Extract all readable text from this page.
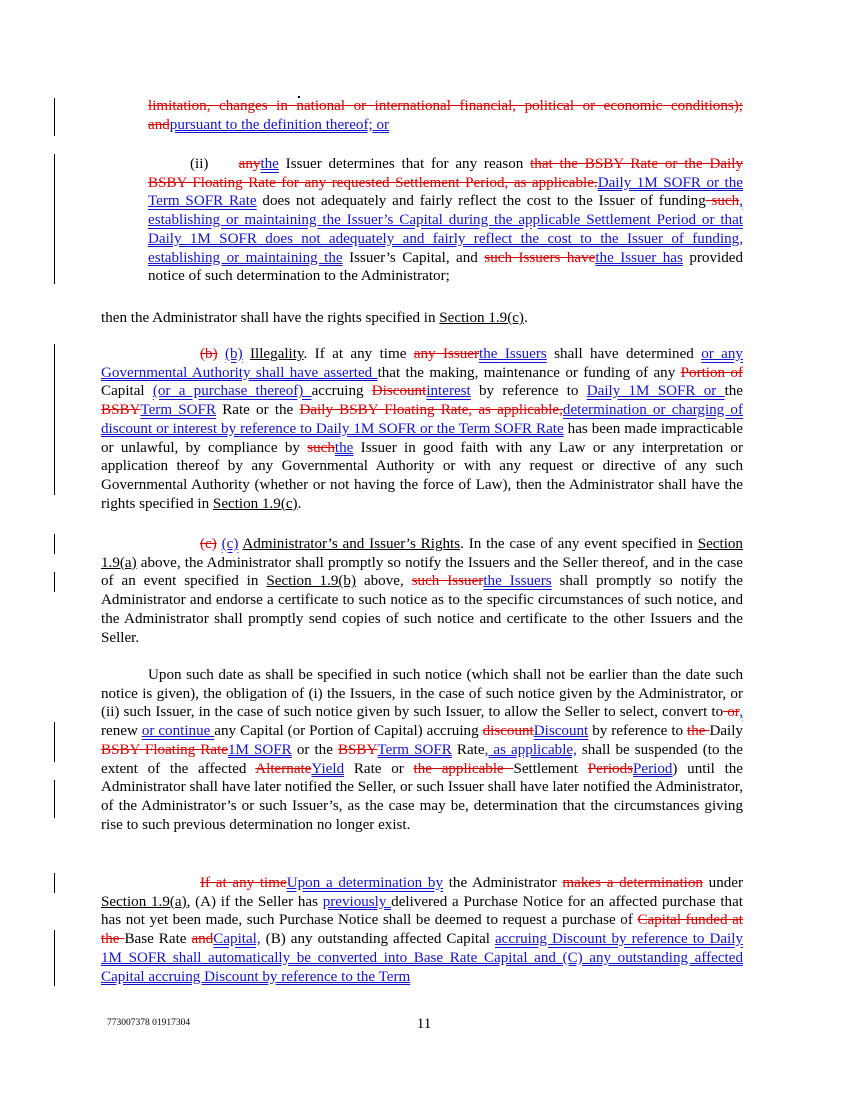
limitation, changes in national or international financial, political or economic conditions); andpursuant to the definition thereof; or

(ii)  anythe Issuer determines that for any reason that the BSBY Rate or the Daily BSBY Floating Rate for any requested Settlement Period, as applicable.Daily 1M SOFR or the Term SOFR Rate does not adequately and fairly reflect the cost to the Issuer of funding such, establishing or maintaining the Issuer’s Capital during the applicable Settlement Period or that Daily 1M SOFR does not adequately and fairly reflect the cost to the Issuer of funding, establishing or maintaining the Issuer’s Capital, and such Issuers havethe Issuer has provided notice of such determination to the Administrator;

then the Administrator shall have the rights specified in Section 1.9(c).

(b) (b) Illegality. If at any time any Issuerthe Issuers shall have determined or any Governmental Authority shall have asserted that the making, maintenance or funding of any Portion of Capital (or a purchase thereof) accruing Discountinterest by reference to Daily 1M SOFR or the BSBYTerm SOFR Rate or the Daily BSBY Floating Rate, as applicable,determination or charging of discount or interest by reference to Daily 1M SOFR or the Term SOFR Rate has been made impracticable or unlawful, by compliance by suchthe Issuer in good faith with any Law or any interpretation or application thereof by any Governmental Authority or with any request or directive of any such Governmental Authority (whether or not having the force of Law), then the Administrator shall have the rights specified in Section 1.9(c).

(c) (c) Administrator’s and Issuer’s Rights. In the case of any event specified in Section 1.9(a) above, the Administrator shall promptly so notify the Issuers and the Seller thereof, and in the case of an event specified in Section 1.9(b) above, such Issuerthe Issuers shall promptly so notify the Administrator and endorse a certificate to such notice as to the specific circumstances of such notice, and the Administrator shall promptly send copies of such notice and certificate to the other Issuers and the Seller.

Upon such date as shall be specified in such notice (which shall not be earlier than the date such notice is given), the obligation of (i) the Issuers, in the case of such notice given by the Administrator, or (ii) such Issuer, in the case of such notice given by such Issuer, to allow the Seller to select, convert to or, renew or continue any Capital (or Portion of Capital) accruing discountDiscount by reference to the Daily BSBY Floating Rate1M SOFR or the BSBYTerm SOFR Rate, as applicable, shall be suspended (to the extent of the affected AlternateYield Rate or the applicable Settlement PeriodsPeriod) until the Administrator shall have later notified the Seller, or such Issuer shall have later notified the Administrator, of the Administrator’s or such Issuer’s, as the case may be, determination that the circumstances giving rise to such previous determination no longer exist.

If at any timeUpon a determination by the Administrator makes a determination under Section 1.9(a), (A) if the Seller has previously delivered a Purchase Notice for an affected purchase that has not yet been made, such Purchase Notice shall be deemed to request a purchase of Capital funded at the Base Rate andCapital, (B) any outstanding affected Capital accruing Discount by reference to Daily 1M SOFR shall automatically be converted into Base Rate Capital and (C) any outstanding affected Capital accruing Discount by reference to the Term

773007378 01917304	11
